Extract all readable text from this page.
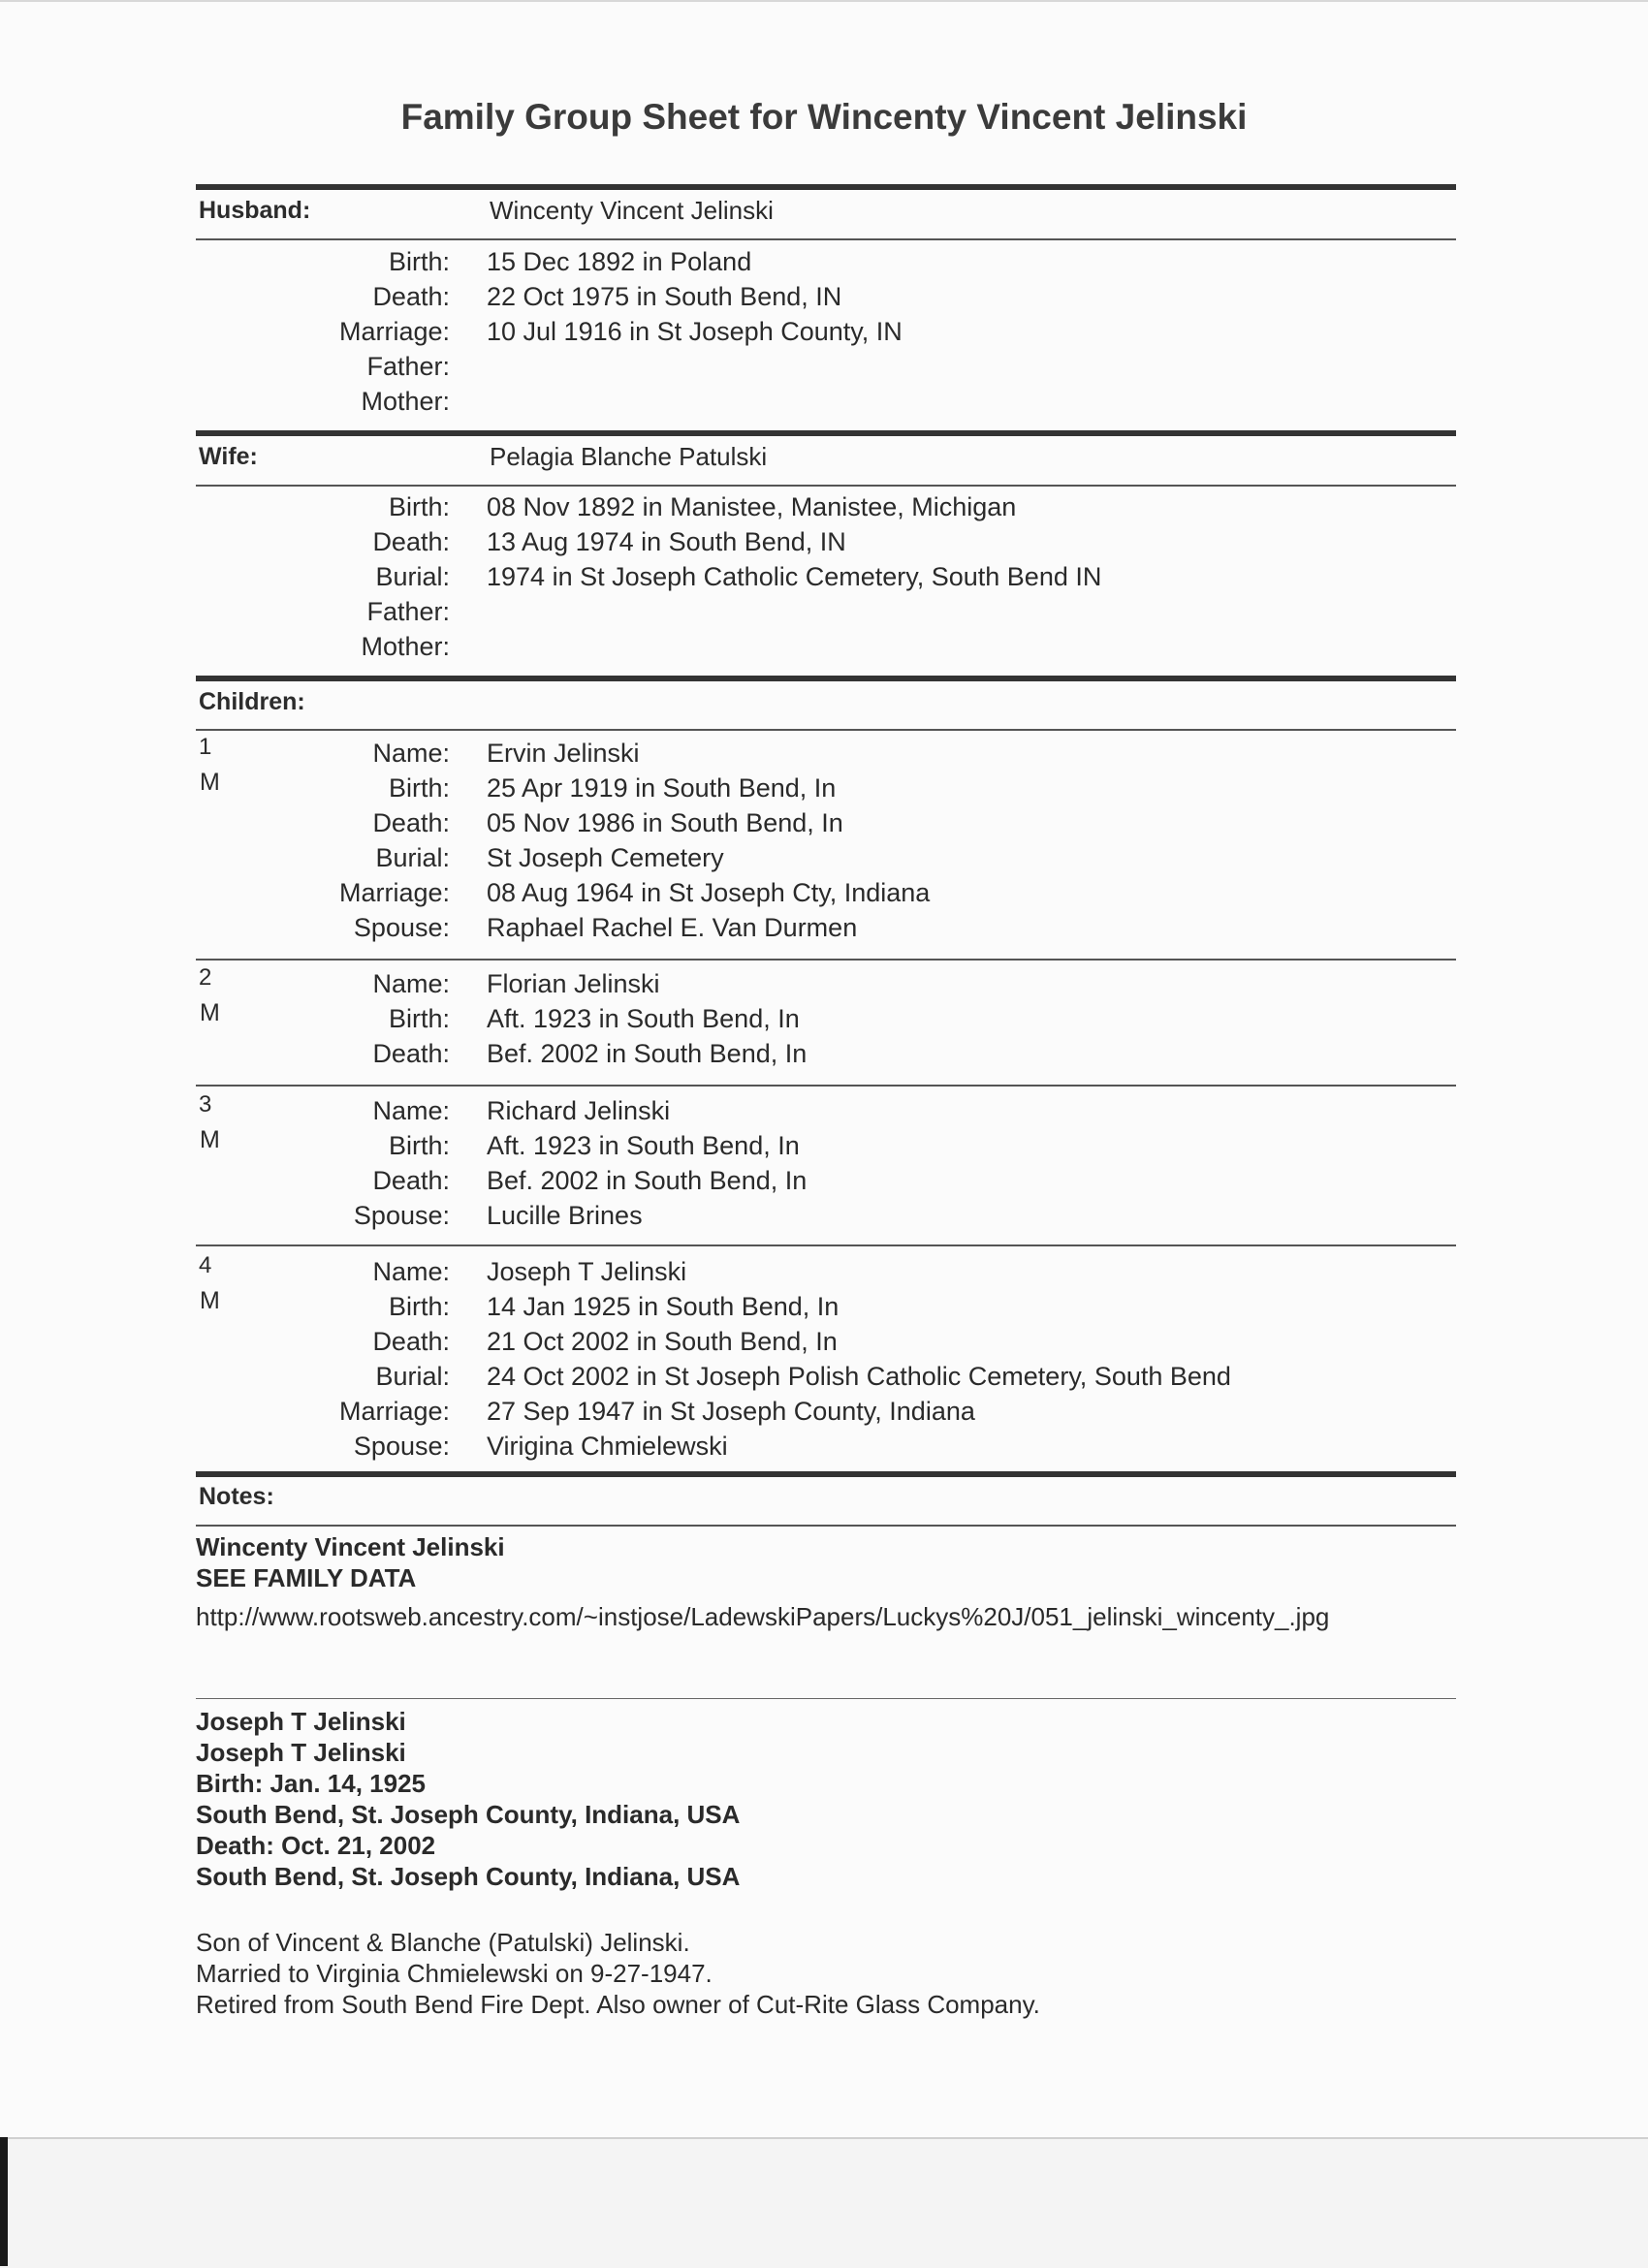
Family Group Sheet for Wincenty Vincent Jelinski
Husband:	Wincenty Vincent Jelinski
Birth: 15 Dec 1892 in Poland
Death: 22 Oct 1975 in South Bend, IN
Marriage: 10 Jul 1916 in St Joseph County, IN
Father:
Mother:
Wife:	Pelagia Blanche Patulski
Birth: 08 Nov 1892 in Manistee, Manistee, Michigan
Death: 13 Aug 1974 in South Bend, IN
Burial: 1974 in St Joseph Catholic Cemetery, South Bend IN
Father:
Mother:
Children:
1
M
Name: Ervin Jelinski
Birth: 25 Apr 1919 in South Bend, In
Death: 05 Nov 1986 in South Bend, In
Burial: St Joseph Cemetery
Marriage: 08 Aug 1964 in St Joseph Cty, Indiana
Spouse: Raphael Rachel E. Van Durmen
2
M
Name: Florian Jelinski
Birth: Aft. 1923 in South Bend, In
Death: Bef. 2002 in South Bend, In
3
M
Name: Richard Jelinski
Birth: Aft. 1923 in South Bend, In
Death: Bef. 2002 in South Bend, In
Spouse: Lucille Brines
4
M
Name: Joseph T Jelinski
Birth: 14 Jan 1925 in South Bend, In
Death: 21 Oct 2002 in South Bend, In
Burial: 24 Oct 2002 in St Joseph Polish Catholic Cemetery, South Bend
Marriage: 27 Sep 1947 in St Joseph County, Indiana
Spouse: Virigina Chmielewski
Notes:
Wincenty Vincent Jelinski
SEE FAMILY DATA
http://www.rootsweb.ancestry.com/~instjose/LadewskiPapers/Luckys%20J/051_jelinski_wincenty_.jpg
Joseph T Jelinski
Joseph T Jelinski
Birth: Jan. 14, 1925
South Bend, St. Joseph County, Indiana, USA
Death: Oct. 21, 2002
South Bend, St. Joseph County, Indiana, USA
Son of Vincent & Blanche (Patulski) Jelinski.
Married to Virginia Chmielewski on 9-27-1947.
Retired from South Bend Fire Dept. Also owner of Cut-Rite Glass Company.
